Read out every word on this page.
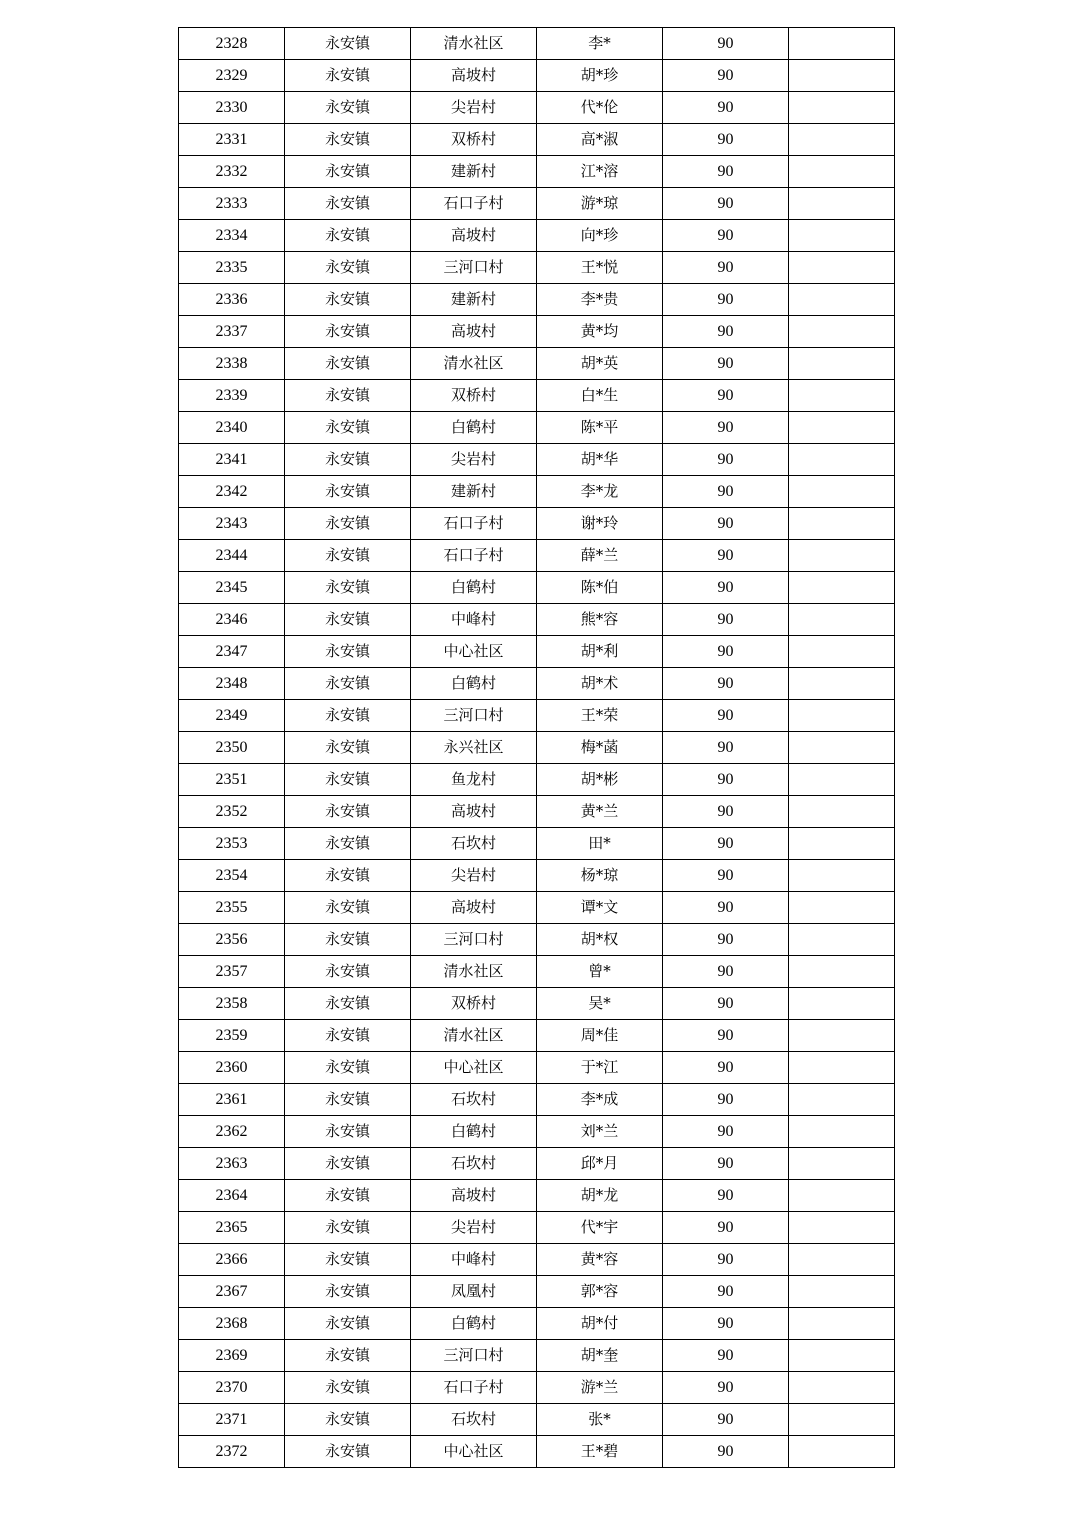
2328	永安镇	清水社区	李*	90	
2329	永安镇	高坡村	胡*珍	90	
2330	永安镇	尖岩村	代*伦	90	
2331	永安镇	双桥村	高*淑	90	
2332	永安镇	建新村	江*溶	90	
2333	永安镇	石口子村	游*琼	90	
2334	永安镇	高坡村	向*珍	90	
2335	永安镇	三河口村	王*悦	90	
2336	永安镇	建新村	李*贵	90	
2337	永安镇	高坡村	黄*均	90	
2338	永安镇	清水社区	胡*英	90	
2339	永安镇	双桥村	白*生	90	
2340	永安镇	白鹤村	陈*平	90	
2341	永安镇	尖岩村	胡*华	90	
2342	永安镇	建新村	李*龙	90	
2343	永安镇	石口子村	谢*玲	90	
2344	永安镇	石口子村	薛*兰	90	
2345	永安镇	白鹤村	陈*伯	90	
2346	永安镇	中峰村	熊*容	90	
2347	永安镇	中心社区	胡*利	90	
2348	永安镇	白鹤村	胡*术	90	
2349	永安镇	三河口村	王*荣	90	
2350	永安镇	永兴社区	梅*菡	90	
2351	永安镇	鱼龙村	胡*彬	90	
2352	永安镇	高坡村	黄*兰	90	
2353	永安镇	石坎村	田*	90	
2354	永安镇	尖岩村	杨*琼	90	
2355	永安镇	高坡村	谭*文	90	
2356	永安镇	三河口村	胡*权	90	
2357	永安镇	清水社区	曾*	90	
2358	永安镇	双桥村	吴*	90	
2359	永安镇	清水社区	周*佳	90	
2360	永安镇	中心社区	于*江	90	
2361	永安镇	石坎村	李*成	90	
2362	永安镇	白鹤村	刘*兰	90	
2363	永安镇	石坎村	邱*月	90	
2364	永安镇	高坡村	胡*龙	90	
2365	永安镇	尖岩村	代*宇	90	
2366	永安镇	中峰村	黄*容	90	
2367	永安镇	凤凰村	郭*容	90	
2368	永安镇	白鹤村	胡*付	90	
2369	永安镇	三河口村	胡*奎	90	
2370	永安镇	石口子村	游*兰	90	
2371	永安镇	石坎村	张*	90	
2372	永安镇	中心社区	王*碧	90	
